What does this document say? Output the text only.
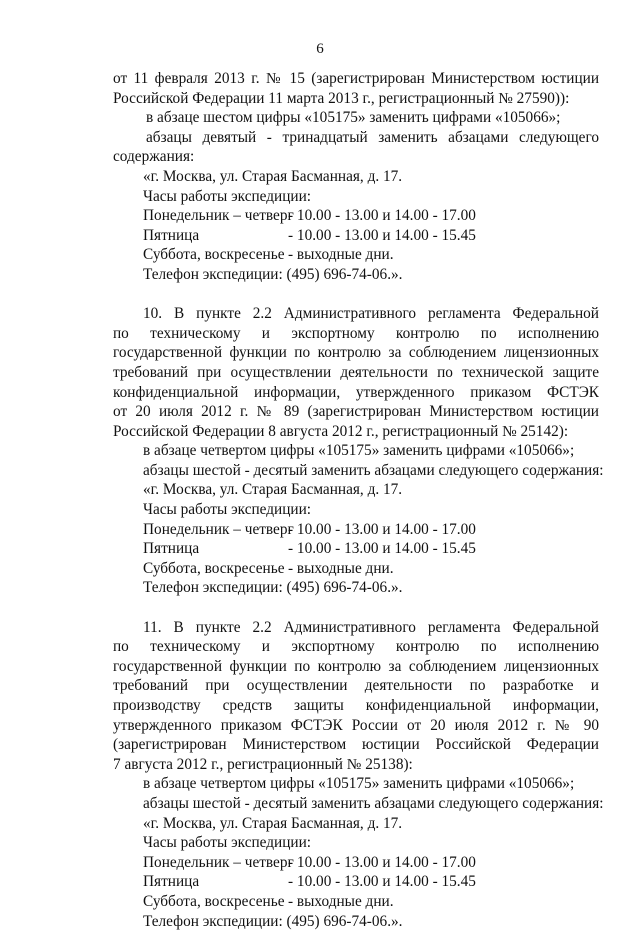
6
от 11 февраля 2013 г. № 15 (зарегистрирован Министерством юстиции
Российской Федерации 11 марта 2013 г., регистрационный № 27590)):
в абзаце шестом цифры «105175» заменить цифрами «105066»;
абзацы девятый - тринадцатый заменить абзацами следующего
содержания:
«г. Москва, ул. Старая Басманная, д. 17.
Часы работы экспедиции:
Понедельник – четверг- 10.00 - 13.00 и 14.00 - 17.00
Пятница	- 10.00 - 13.00 и 14.00 - 15.45
Суббота, воскресенье - выходные дни.
Телефон экспедиции: (495) 696-74-06.».
10. В пункте 2.2 Административного регламента Федеральной
по техническому и экспортному контролю по исполнению
государственной функции по контролю за соблюдением лицензионных
требований при осуществлении деятельности по технической защите
конфиденциальной информации, утвержденного приказом ФСТЭК
от 20 июля 2012 г. № 89 (зарегистрирован Министерством юстиции
Российской Федерации 8 августа 2012 г., регистрационный № 25142):
в абзаце четвертом цифры «105175» заменить цифрами «105066»;
абзацы шестой - десятый заменить абзацами следующего содержания:
«г. Москва, ул. Старая Басманная, д. 17.
Часы работы экспедиции:
Понедельник – четверг- 10.00 - 13.00 и 14.00 - 17.00
Пятница	- 10.00 - 13.00 и 14.00 - 15.45
Суббота, воскресенье - выходные дни.
Телефон экспедиции: (495) 696-74-06.».
11. В пункте 2.2 Административного регламента Федеральной
по техническому и экспортному контролю по исполнению
государственной функции по контролю за соблюдением лицензионных
требований при осуществлении деятельности по разработке и
производству средств защиты конфиденциальной информации,
утвержденного приказом ФСТЭК России от 20 июля 2012 г. № 90
(зарегистрирован Министерством юстиции Российской Федерации
7 августа 2012 г., регистрационный № 25138):
в абзаце четвертом цифры «105175» заменить цифрами «105066»;
абзацы шестой - десятый заменить абзацами следующего содержания:
«г. Москва, ул. Старая Басманная, д. 17.
Часы работы экспедиции:
Понедельник – четверг- 10.00 - 13.00 и 14.00 - 17.00
Пятница	- 10.00 - 13.00 и 14.00 - 15.45
Суббота, воскресенье - выходные дни.
Телефон экспедиции: (495) 696-74-06.».
